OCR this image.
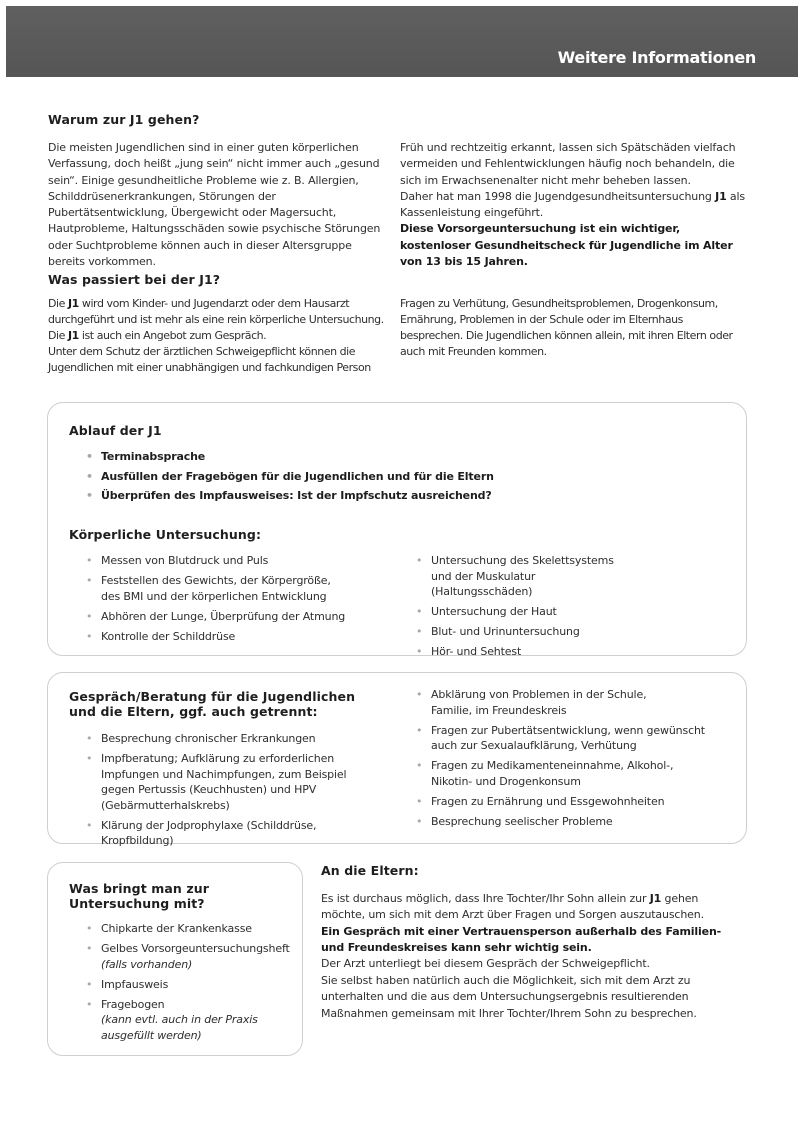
Weitere Informationen
Warum zur J1 gehen?

Die meisten Jugendlichen sind in einer guten körperlichen Verfassung, doch heißt „jung sein“ nicht immer auch „gesund sein“. Einige gesundheitliche Probleme wie z. B. Allergien, Schilddrüsenerkrankungen, Störungen der Pubertätsentwicklung, Übergewicht oder Magersucht, Hautprobleme, Haltungsschäden sowie psychische Störungen oder Suchtprobleme können auch in dieser Altersgruppe bereits vorkommen.

Früh und rechtzeitig erkannt, lassen sich Spätschäden vielfach vermeiden und Fehlentwicklungen häufig noch behandeln, die sich im Erwachsenenalter nicht mehr beheben lassen.
Daher hat man 1998 die Jugendgesundheitsuntersuchung J1 als Kassenleistung eingeführt.
Diese Vorsorgeuntersuchung ist ein wichtiger, kostenloser Gesundheitscheck für Jugendliche im Alter von 13 bis 15 Jahren.
Was passiert bei der J1?
Die J1 wird vom Kinder- und Jugendarzt oder dem Hausarzt durchgeführt und ist mehr als eine rein körperliche Untersuchung.
Die J1 ist auch ein Angebot zum Gespräch.
Unter dem Schutz der ärztlichen Schweigepflicht können die Jugendlichen mit einer unabhängigen und fachkundigen Person

Fragen zu Verhütung, Gesundheitsproblemen, Drogenkonsum, Ernährung, Problemen in der Schule oder im Elternhaus besprechen. Die Jugendlichen können allein, mit ihren Eltern oder auch mit Freunden kommen.

Ablauf der J1
• Terminabsprache
• Ausfüllen der Fragebögen für die Jugendlichen und für die Eltern
• Überprüfen des Impfausweises: Ist der Impfschutz ausreichend?
Körperliche Untersuchung:
• Messen von Blutdruck und Puls
• Feststellen des Gewichts, der Körpergröße, des BMI und der körperlichen Entwicklung
• Abhören der Lunge, Überprüfung der Atmung
• Kontrolle der Schilddrüse
• Untersuchung des Skelettsystems und der Muskulatur (Haltungsschäden)
• Untersuchung der Haut
• Blut- und Urinuntersuchung
• Hör- und Sehtest
Gespräch/Beratung für die Jugendlichen
und die Eltern, ggf. auch getrennt:
• Besprechung chronischer Erkrankungen
• Impfberatung; Aufklärung zu erforderlichen Impfungen und Nachimpfungen, zum Beispiel gegen Pertussis (Keuchhusten) und HPV (Gebärmutterhalskrebs)
• Klärung der Jodprophylaxe (Schilddrüse, Kropfbildung)
• Abklärung von Problemen in der Schule, Familie, im Freundeskreis
• Fragen zur Pubertätsentwicklung, wenn gewünscht auch zur Sexualaufklärung, Verhütung
• Fragen zu Medikamenteneinnahme, Alkohol-, Nikotin- und Drogenkonsum
• Fragen zu Ernährung und Essgewohnheiten
• Besprechung seelischer Probleme
Was bringt man zur Untersuchung mit?
• Chipkarte der Krankenkasse
• Gelbes Vorsorgeuntersuchungsheft
(falls vorhanden)
• Impfausweis
• Fragebogen
(kann evtl. auch in der Praxis ausgefüllt werden)
An die Eltern:
Es ist durchaus möglich, dass Ihre Tochter/Ihr Sohn allein zur J1 gehen möchte, um sich mit dem Arzt über Fragen und Sorgen auszutauschen.
Ein Gespräch mit einer Vertrauensperson außerhalb des Familien- und Freundeskreises kann sehr wichtig sein.
Der Arzt unterliegt bei diesem Gespräch der Schweigepflicht.

Sie selbst haben natürlich auch die Möglichkeit, sich mit dem Arzt zu unterhalten und die aus dem Untersuchungsergebnis resultierenden Maßnahmen gemeinsam mit Ihrer Tochter/Ihrem Sohn zu besprechen.
